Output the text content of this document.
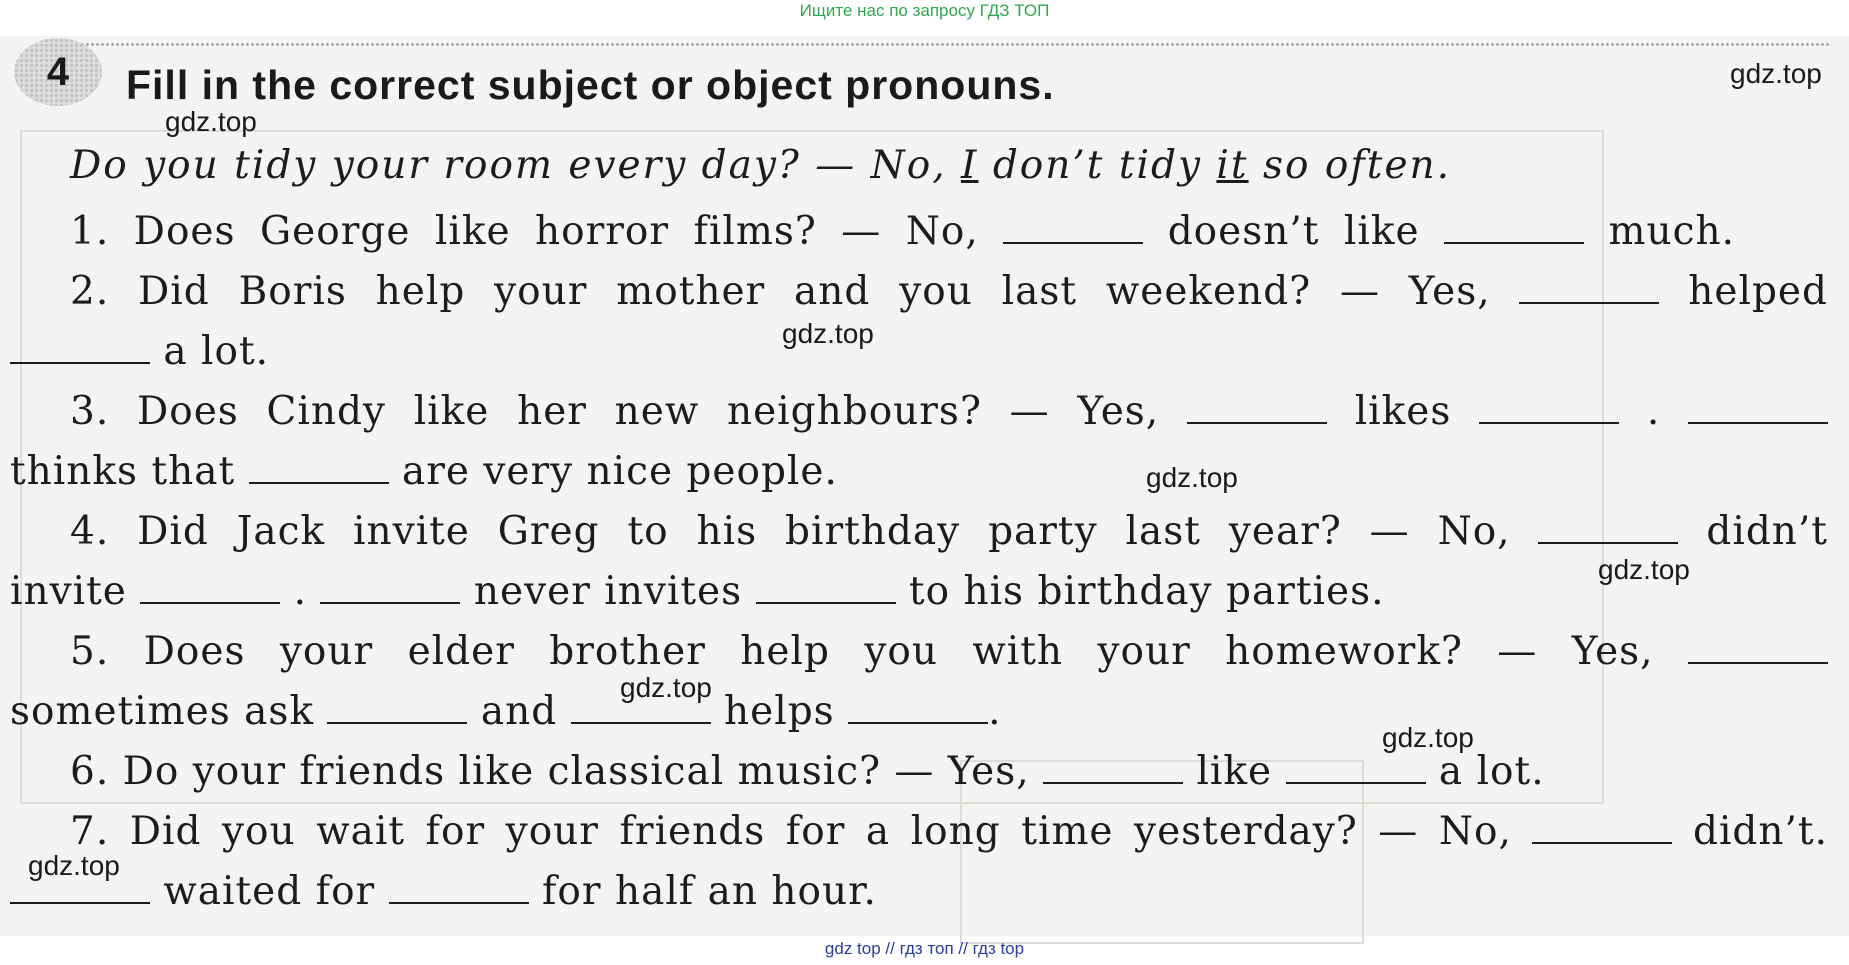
Ищите нас по запросу ГДЗ ТОП
4	Fill in the correct subject or object pronouns.
Do you tidy your room every day? — No, I don’t tidy it so often.
1. Does George like horror films? — No,	doesn’t like	much.
2. Did Boris help your mother and you last weekend? — Yes,	helped
a lot.
3. Does Cindy like her new neighbours? — Yes,	likes	.
thinks that	are very nice people.
4. Did Jack invite Greg to his birthday party last year? — No,	didn’t
invite	.	never invites	to his birthday parties.
5. Does your elder brother help you with your homework? — Yes,
sometimes ask	and	helps	.
6. Do your friends like classical music? — Yes,	like	a lot.
7. Did you wait for your friends for a long time yesterday? — No,	didn’t.
waited for	for half an hour.
gdz.top
gdz.top
gdz.top
gdz.top
gdz.top
gdz.top
gdz.top
gdz.top
gdz top // гдз топ // гдз top
